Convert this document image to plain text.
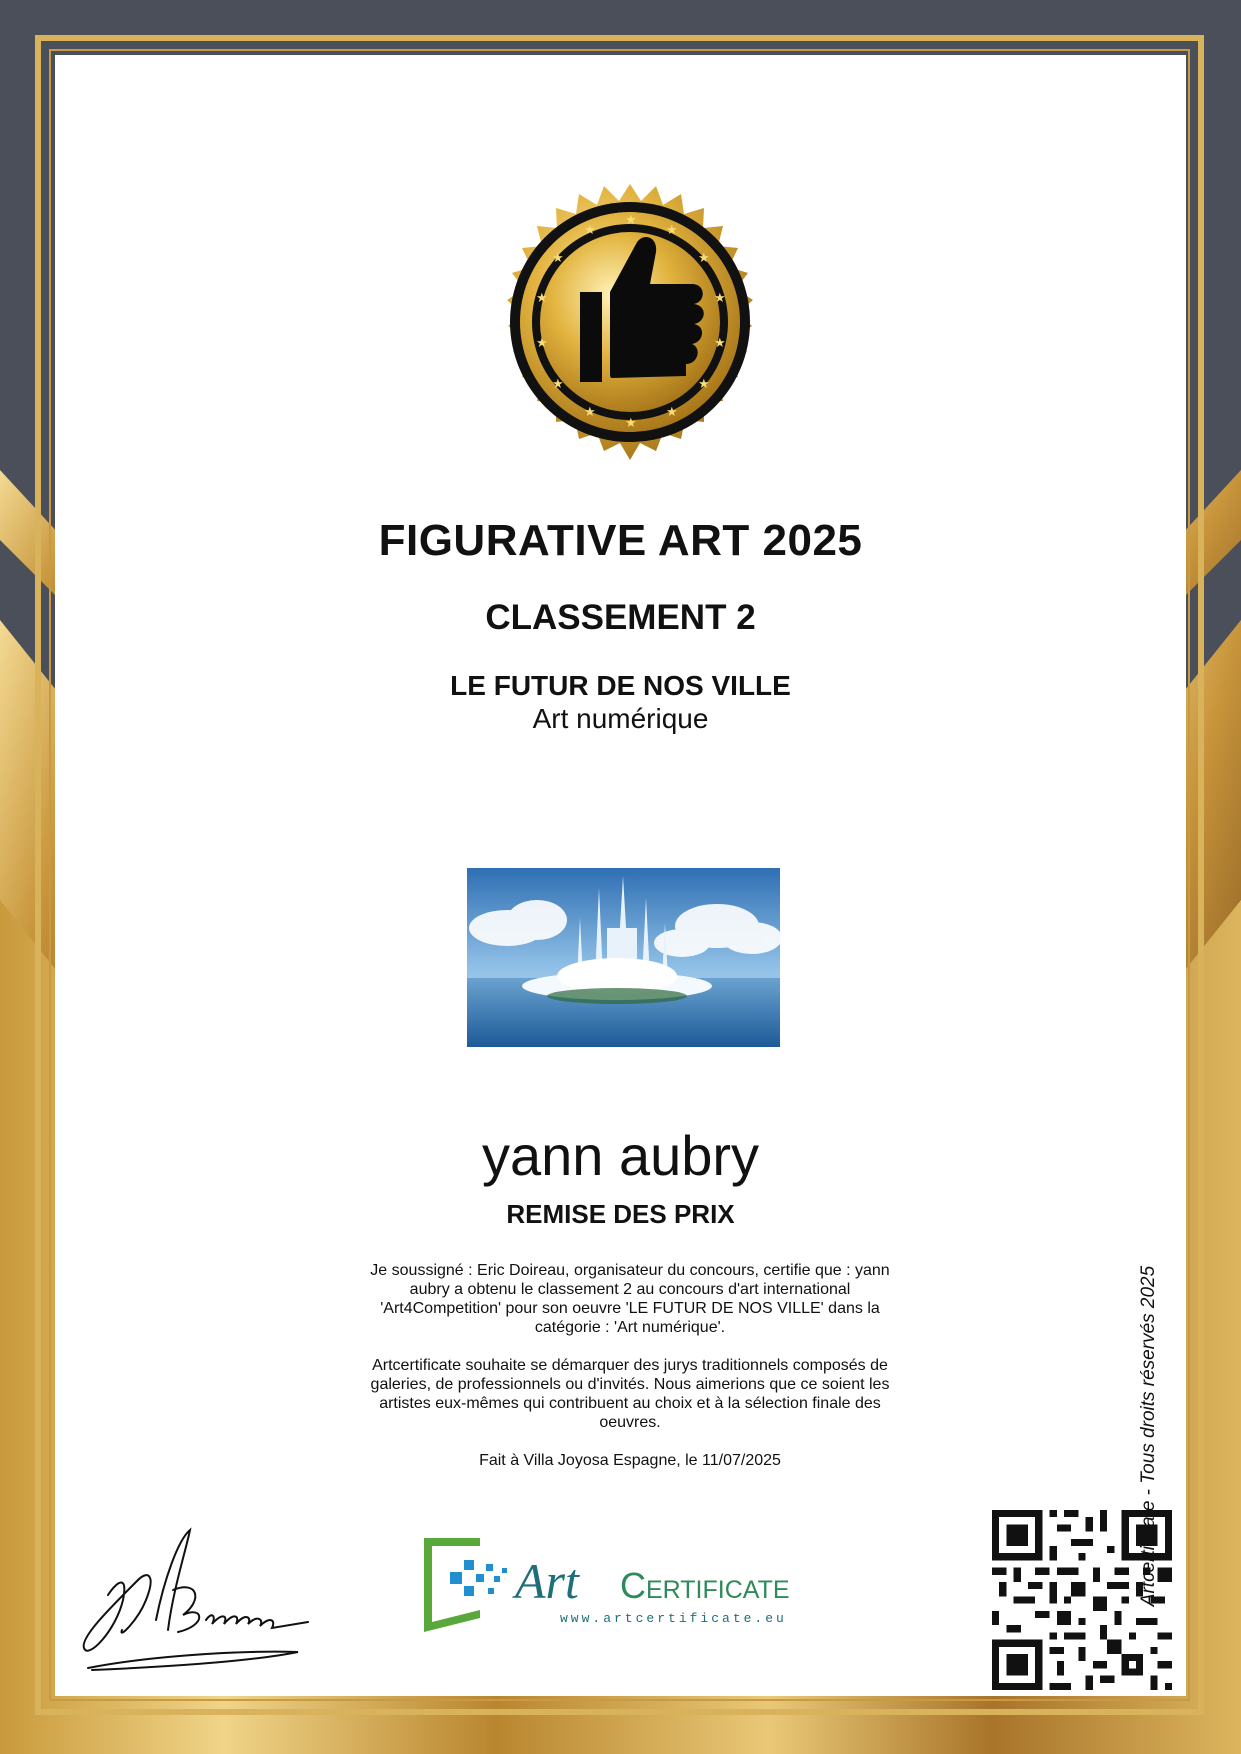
★
★
★
★
★
★
★
★
★
★
★
★
★
★
FIGURATIVE ART 2025
CLASSEMENT 2
LE FUTUR DE NOS VILLE
Art numérique
yann aubry
REMISE DES PRIX
Je soussigné : Eric Doireau, organisateur du concours, certifie que : yann aubry a obtenu le classement 2 au concours d'art international 'Art4Competition' pour son oeuvre 'LE FUTUR DE NOS VILLE' dans la catégorie : 'Art numérique'.
Artcertificate souhaite se démarquer des jurys traditionnels composés de galeries, de professionnels ou d'invités. Nous aimerions que ce soient les artistes eux-mêmes qui contribuent au choix et à la sélection finale des oeuvres.
Fait à Villa Joyosa Espagne, le 11/07/2025
Art Certificate
www.artcertificate.eu
Artcertificate - Tous droits réservés 2025
